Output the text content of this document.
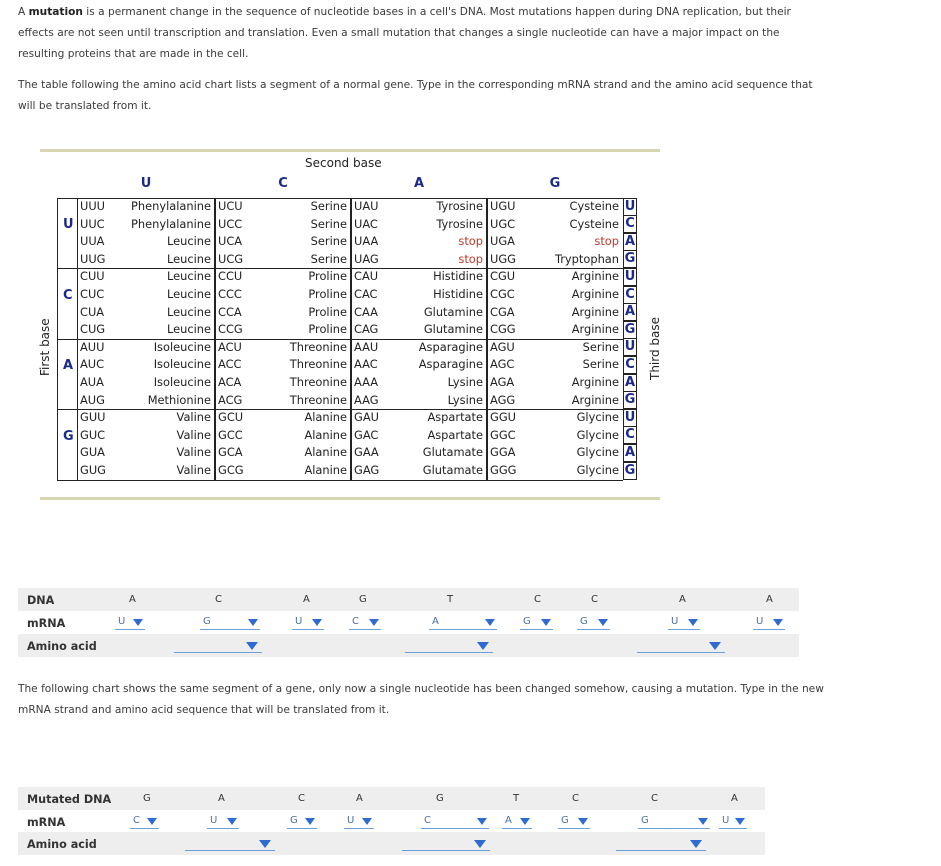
A mutation is a permanent change in the sequence of nucleotide bases in a cell's DNA. Most mutations happen during DNA replication, but their
effects are not seen until transcription and translation. Even a small mutation that changes a single nucleotide can have a major impact on the
resulting proteins that are made in the cell.
The table following the amino acid chart lists a segment of a normal gene. Type in the corresponding mRNA strand and the amino acid sequence that
will be translated from it.
Second base
First base	Third base
U	C	A	G
U
C
A
G
UUU	Phenylalanine UCU	Serine UAU	Tyrosine UGU	Cysteine U
UUC	Phenylalanine UCC	Serine UAC	Tyrosine UGC	Cysteine C
UUA	Leucine UCA	Serine UAA	stop UGA	stop A
UUG	Leucine UCG	Serine UAG	stop UGG	Tryptophan G
CUU	Leucine CCU	Proline CAU	Histidine CGU	Arginine U
CUC	Leucine CCC	Proline CAC	Histidine CGC	Arginine C
CUA	Leucine CCA	Proline CAA	Glutamine CGA	Arginine A
CUG	Leucine CCG	Proline CAG	Glutamine CGG	Arginine G
AUU	Isoleucine ACU	Threonine AAU	Asparagine AGU	Serine U
AUC	Isoleucine ACC	Threonine AAC	Asparagine AGC	Serine C
AUA	Isoleucine ACA	Threonine AAA	Lysine AGA	Arginine A
AUG	Methionine ACG	Threonine AAG	Lysine AGG	Arginine G
GUU	Valine GCU	Alanine GAU	Aspartate GGU	Glycine U
GUC	Valine GCC	Alanine GAC	Aspartate GGC	Glycine C
GUA	Valine GCA	Alanine GAA	Glutamate GGA	Glycine A
GUG	Valine GCG	Alanine GAG	Glutamate GGG	Glycine G
DNA	A	C	A	G	T	C	C	A	A
mRNA	U	G	U	C	A	G	G	U	U
Amino acid
The following chart shows the same segment of a gene, only now a single nucleotide has been changed somehow, causing a mutation. Type in the new
mRNA strand and amino acid sequence that will be translated from it.
Mutated DNA	G	A	C	A	G	T	C	C	A
mRNA	C	U	G	U	C	A	G	G	U
Amino acid
